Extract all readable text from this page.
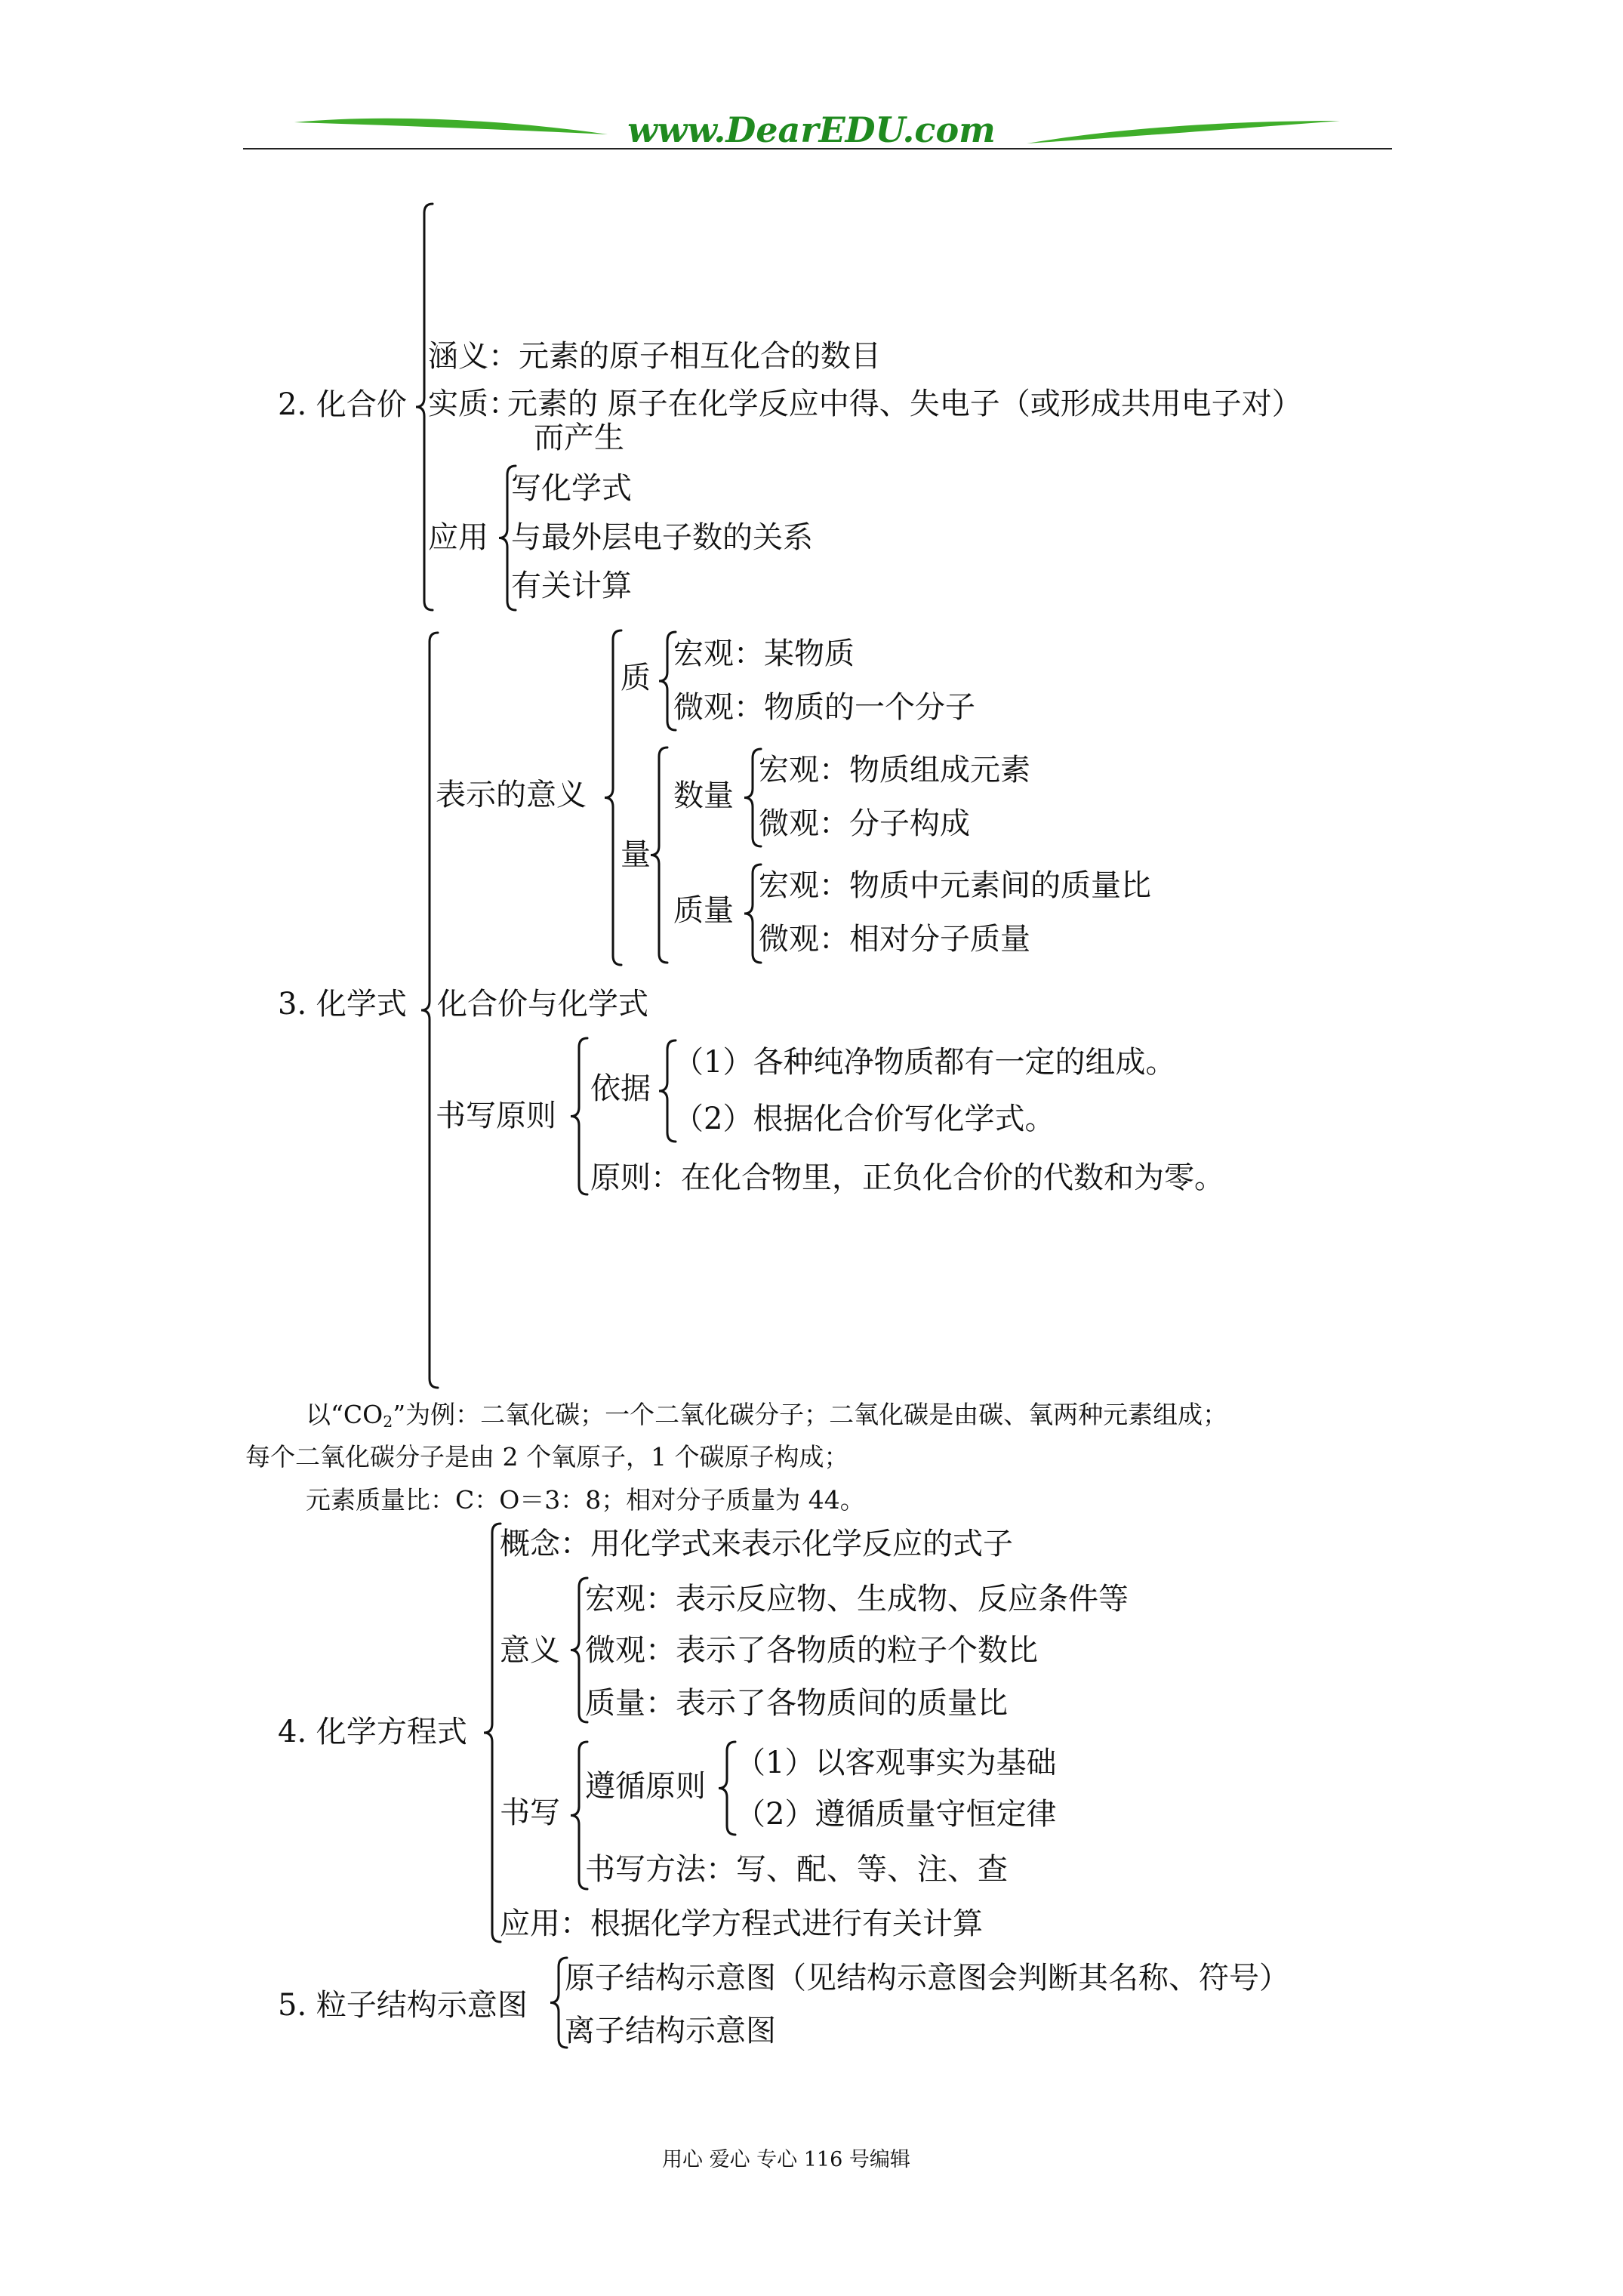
www.DearEDU.com
2. 化合价
涵义：元素的原子相互化合的数目
实质：
元素的 原子在化学反应中得、失电子（或形成共用电子对）
而产生
应用
写化学式
与最外层电子数的关系
有关计算
3. 化学式
表示的意义
质
宏观：某物质
微观：物质的一个分子
量
数量
宏观：物质组成元素
微观：分子构成
质量
宏观：物质中元素间的质量比
微观：相对分子质量
化合价与化学式
书写原则
依据
（1）各种纯净物质都有一定的组成。
（2）根据化合价写化学式。
原则：在化合物里，正负化合价的代数和为零。
以“$CO_2$”为例：二氧化碳；一个二氧化碳分子；二氧化碳是由碳、氧两种元素组成；
每个二氧化碳分子是由 2 个氧原子，1 个碳原子构成；
元素质量比：C：O＝3：8；相对分子质量为 44。
4. 化学方程式
概念：用化学式来表示化学反应的式子
意义
宏观：表示反应物、生成物、反应条件等
微观：表示了各物质的粒子个数比
质量：表示了各物质间的质量比
书写
遵循原则
（1）以客观事实为基础
（2）遵循质量守恒定律
书写方法：写、配、等、注、查
应用：根据化学方程式进行有关计算
5. 粒子结构示意图
原子结构示意图（见结构示意图会判断其名称、符号）
离子结构示意图
用心 爱心 专心 116 号编辑
